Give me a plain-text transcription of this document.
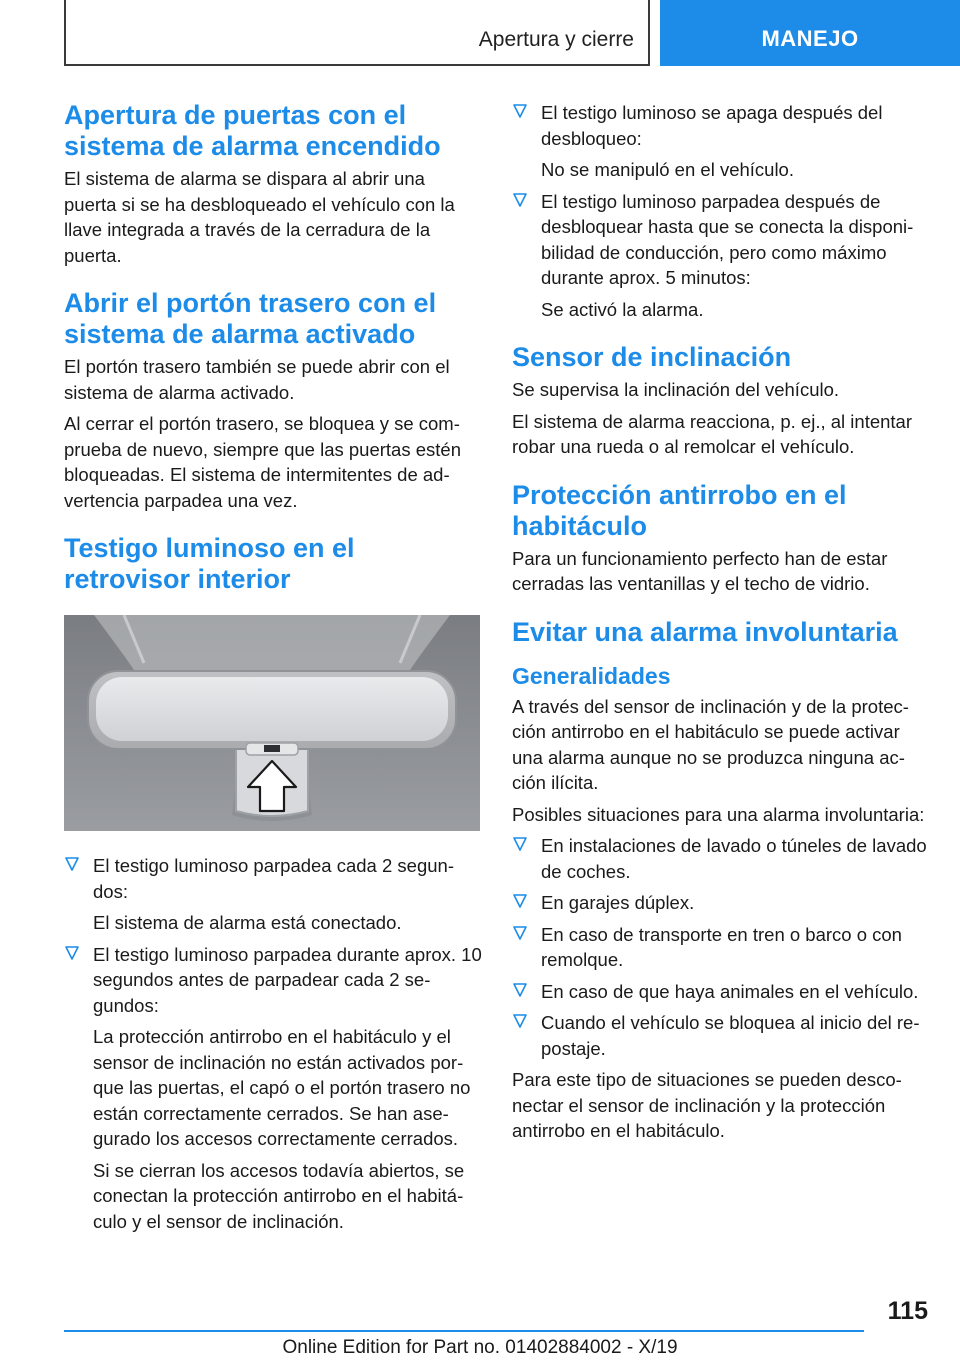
Apertura y cierre	MANEJO
Apertura de puertas con el sistema de alarma encendido

El sistema de alarma se dispara al abrir una puerta si se ha desbloqueado el vehículo con la llave integrada a través de la cerradura de la puerta.

Abrir el portón trasero con el sistema de alarma activado

El portón trasero también se puede abrir con el sistema de alarma activado.

Al cerrar el portón trasero, se bloquea y se comprueba de nuevo, siempre que las puertas estén bloqueadas. El sistema de intermitentes de advertencia parpadea una vez.

Testigo luminoso en el retrovisor interior

El testigo luminoso parpadea cada 2 segundos:

El sistema de alarma está conectado.

El testigo luminoso parpadea durante aprox. 10 segundos antes de parpadear cada 2 segundos:

La protección antirrobo en el habitáculo y el sensor de inclinación no están activados porque las puertas, el capó o el portón trasero no están correctamente cerrados. Se han asegurado los accesos correctamente cerrados.

Si se cierran los accesos todavía abiertos, se conectan la protección antirrobo en el habitáculo y el sensor de inclinación.

El testigo luminoso se apaga después del desbloqueo:

No se manipuló en el vehículo.

El testigo luminoso parpadea después de desbloquear hasta que se conecta la disponibilidad de conducción, pero como máximo durante aprox. 5 minutos:

Se activó la alarma.

Sensor de inclinación

Se supervisa la inclinación del vehículo.

El sistema de alarma reacciona, p. ej., al intentar robar una rueda o al remolcar el vehículo.

Protección antirrobo en el habitáculo

Para un funcionamiento perfecto han de estar cerradas las ventanillas y el techo de vidrio.

Evitar una alarma involuntaria
Generalidades

A través del sensor de inclinación y de la protección antirrobo en el habitáculo se puede activar una alarma aunque no se produzca ninguna acción ilícita.

Posibles situaciones para una alarma involuntaria:

En instalaciones de lavado o túneles de lavado de coches.

En garajes dúplex.

En caso de transporte en tren o barco o con remolque.

En caso de que haya animales en el vehículo.

Cuando el vehículo se bloquea al inicio del repostaje.

Para este tipo de situaciones se pueden desconectar el sensor de inclinación y la protección antirrobo en el habitáculo.

115
Online Edition for Part no. 01402884002 - X/19
